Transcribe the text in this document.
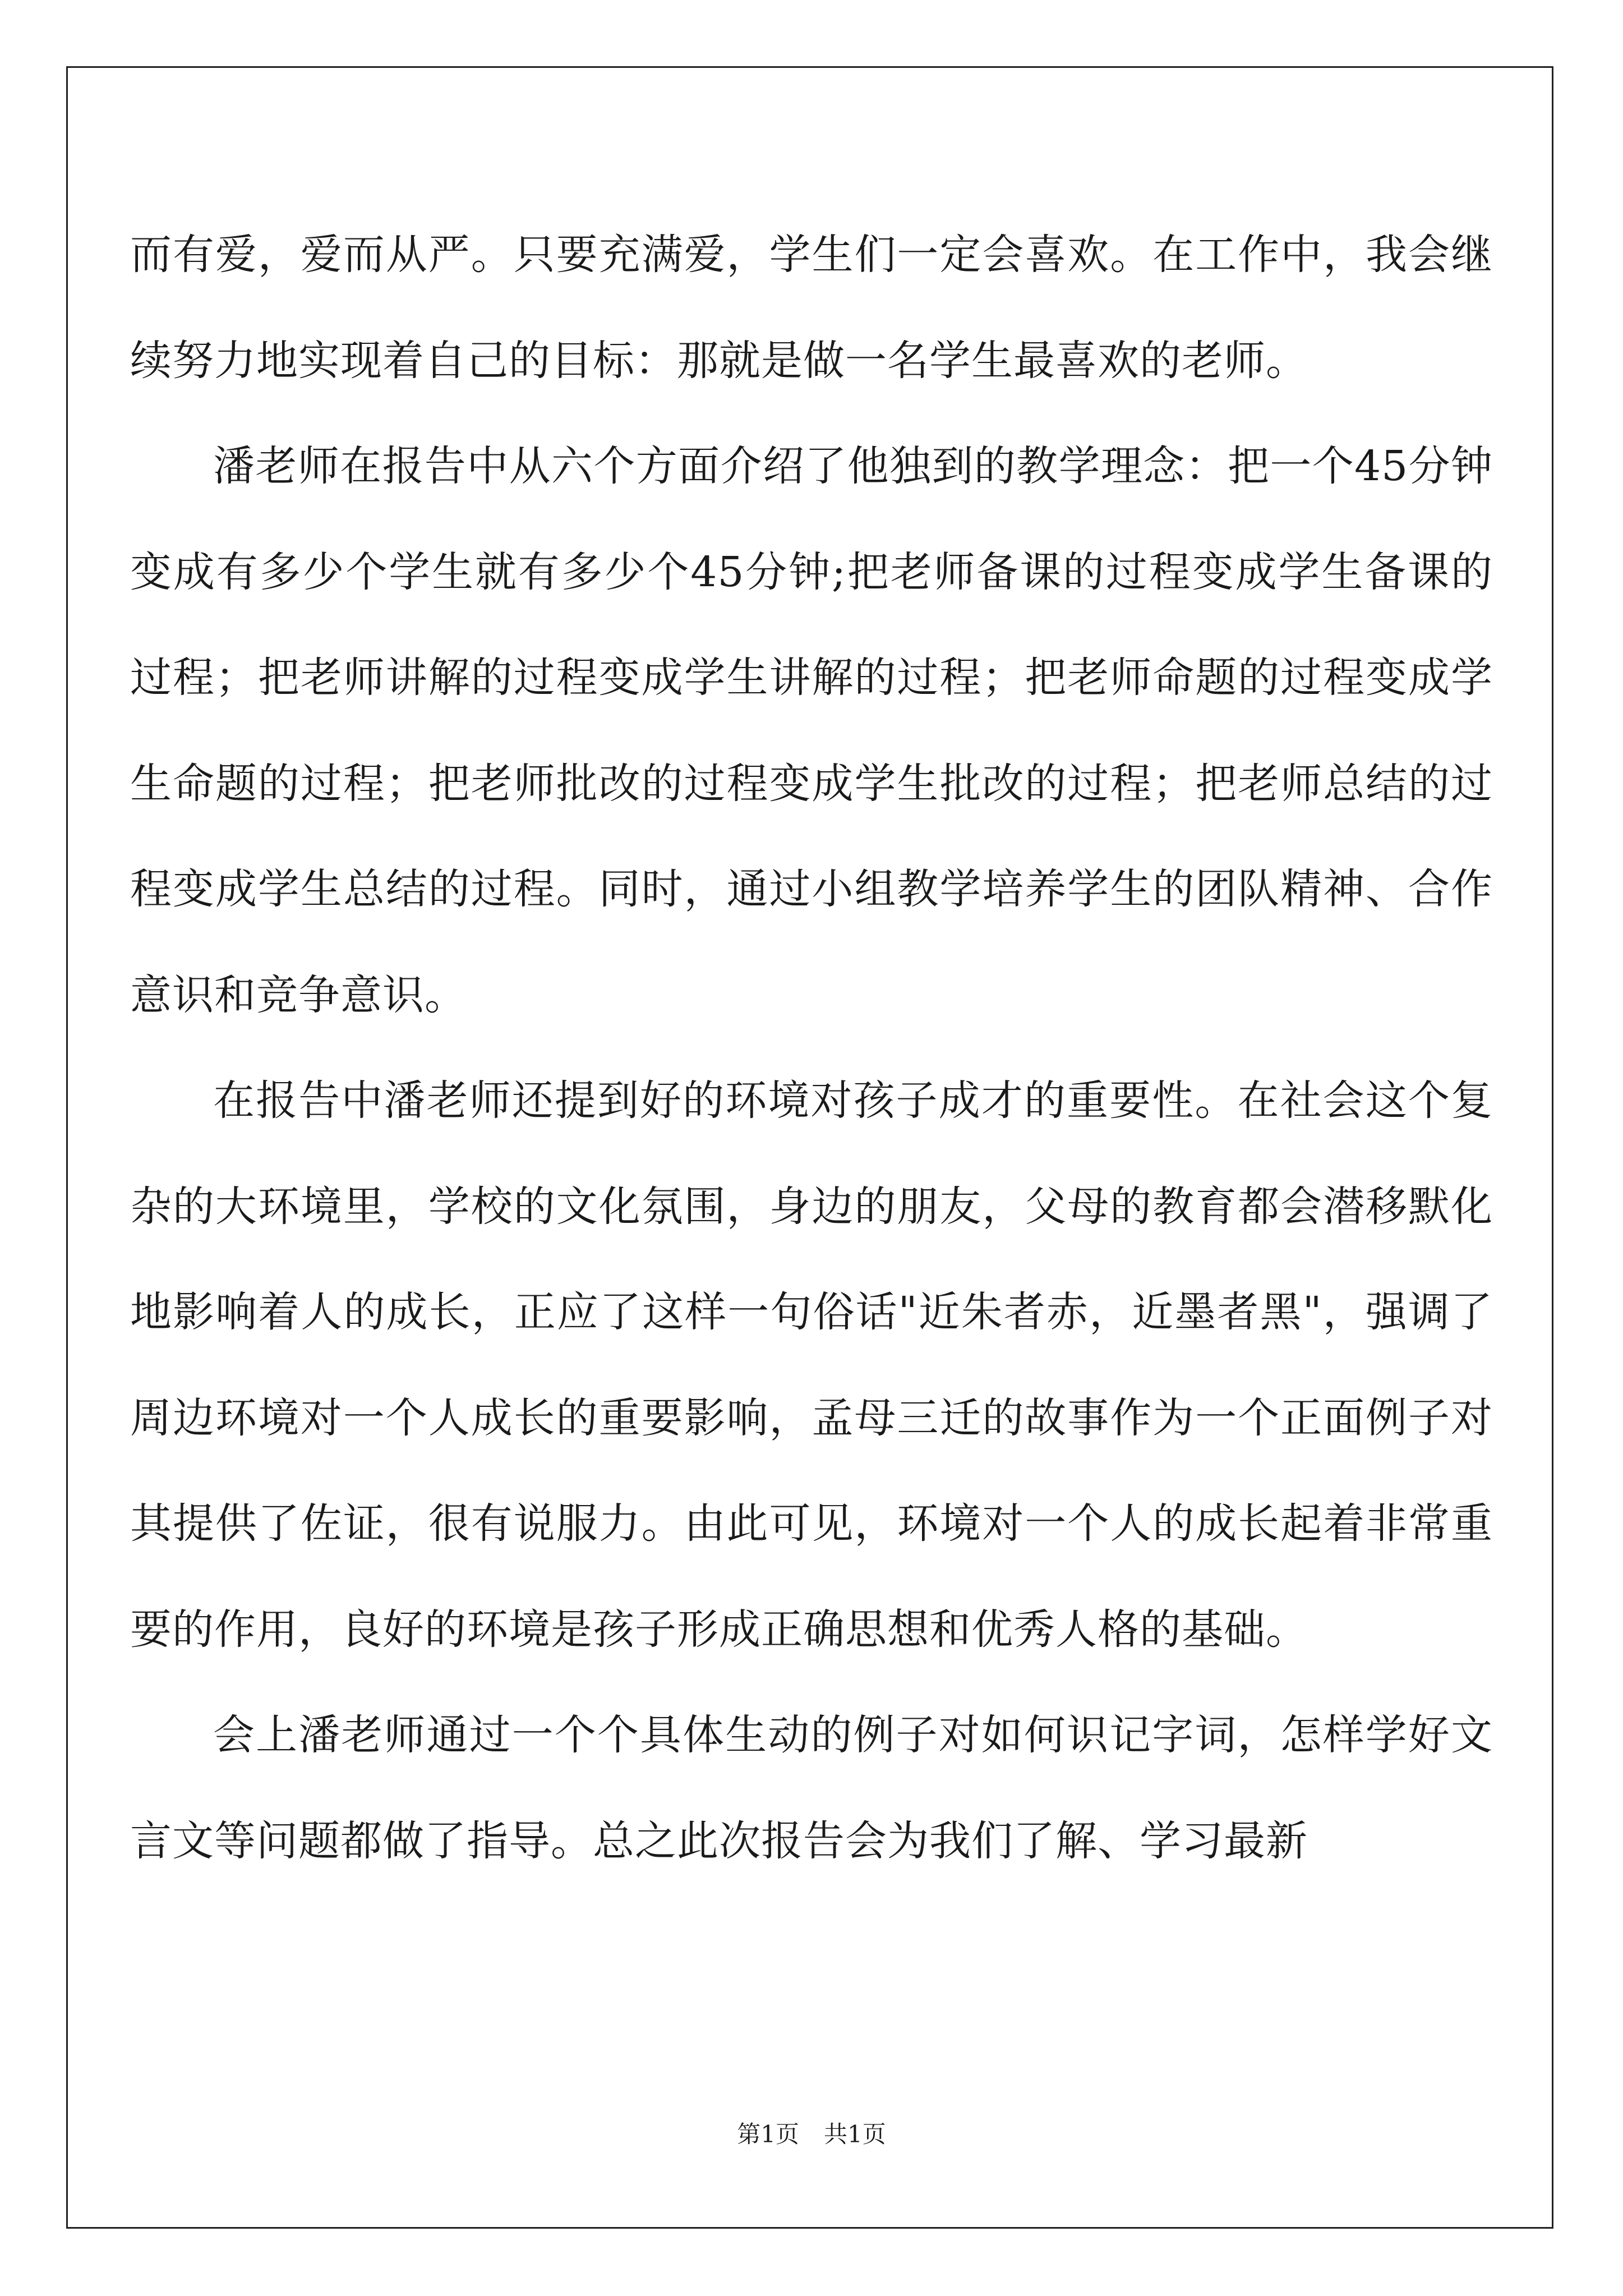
而有爱，爱而从严。只要充满爱，学生们一定会喜欢。在工作中，我会继续努力地实现着自己的目标：那就是做一名学生最喜欢的老师。

潘老师在报告中从六个方面介绍了他独到的教学理念：把一个45分钟变成有多少个学生就有多少个45分钟;把老师备课的过程变成学生备课的过程；把老师讲解的过程变成学生讲解的过程；把老师命题的过程变成学生命题的过程；把老师批改的过程变成学生批改的过程；把老师总结的过程变成学生总结的过程。同时，通过小组教学培养学生的团队精神、合作意识和竞争意识。

在报告中潘老师还提到好的环境对孩子成才的重要性。在社会这个复杂的大环境里，学校的文化氛围，身边的朋友，父母的教育都会潜移默化地影响着人的成长，正应了这样一句俗话"近朱者赤，近墨者黑"，强调了周边环境对一个人成长的重要影响，孟母三迁的故事作为一个正面例子对其提供了佐证，很有说服力。由此可见，环境对一个人的成长起着非常重要的作用，良好的环境是孩子形成正确思想和优秀人格的基础。

会上潘老师通过一个个具体生动的例子对如何识记字词，怎样学好文言文等问题都做了指导。总之此次报告会为我们了解、学习最新

第1页 共1页
